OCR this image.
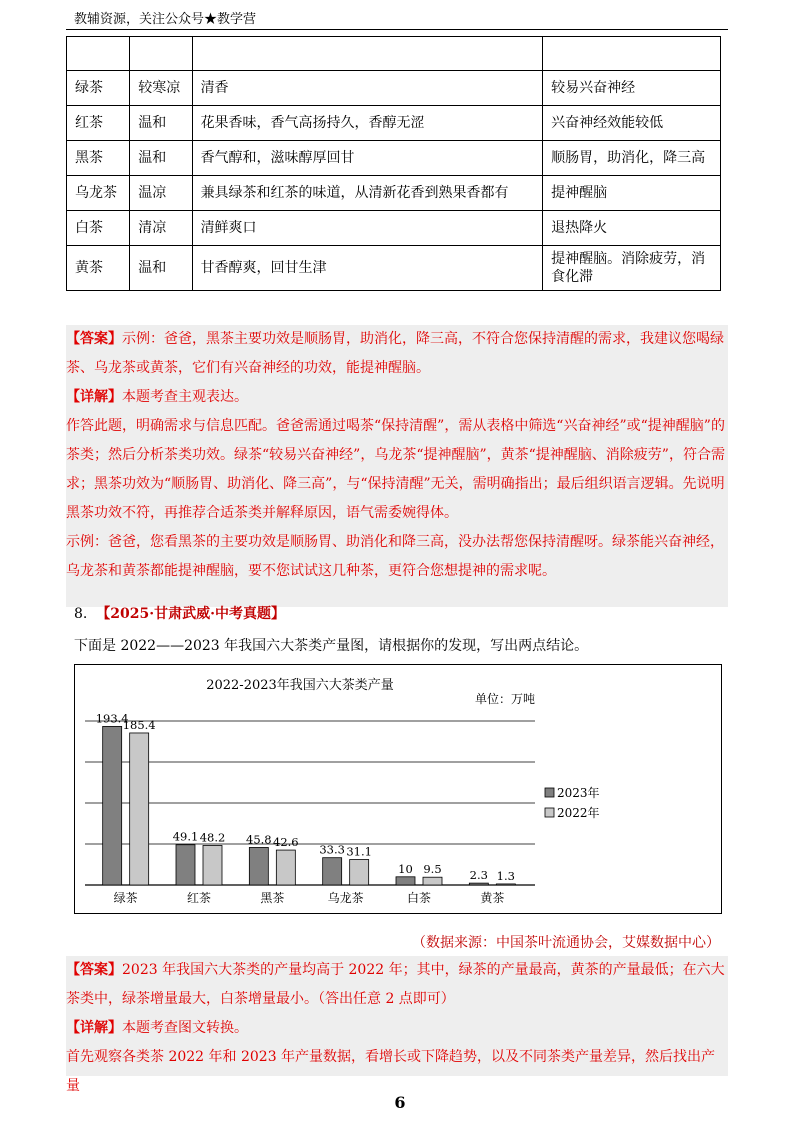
教辅资源，关注公众号★教学营

绿茶	较寒凉	清香	较易兴奋神经
红茶	温和	花果香味，香气高扬持久，香醇无涩	兴奋神经效能较低
黑茶	温和	香气醇和，滋味醇厚回甘	顺肠胃，助消化，降三高
乌龙茶	温凉	兼具绿茶和红茶的味道，从清新花香到熟果香都有	提神醒脑
白茶	清凉	清鲜爽口	退热降火
黄茶	温和	甘香醇爽，回甘生津	提神醒脑。消除疲劳，消食化滞

【答案】示例：爸爸，黑茶主要功效是顺肠胃，助消化，降三高，不符合您保持清醒的需求，我建议您喝绿茶、乌龙茶或黄茶，它们有兴奋神经的功效，能提神醒脑。

【详解】本题考查主观表达。

作答此题，明确需求与信息匹配。爸爸需通过喝茶“保持清醒”，需从表格中筛选“兴奋神经”或“提神醒脑”的茶类；然后分析茶类功效。绿茶“较易兴奋神经”，乌龙茶“提神醒脑”，黄茶“提神醒脑、消除疲劳”，符合需求；黑茶功效为“顺肠胃、助消化、降三高”，与“保持清醒”无关，需明确指出；最后组织语言逻辑。先说明黑茶功效不符，再推荐合适茶类并解释原因，语气需委婉得体。

示例：爸爸，您看黑茶的主要功效是顺肠胃、助消化和降三高，没办法帮您保持清醒呀。绿茶能兴奋神经，乌龙茶和黄茶都能提神醒脑，要不您试试这几种茶，更符合您想提神的需求呢。

8. 【2025·甘肃武威·中考真题】
下面是 2022——2023 年我国六大茶类产量图，请根据你的发现，写出两点结论。
2022-2023年我国六大茶类产量
单位：万吨
193.4
185.4
绿茶
49.1 48.2
红茶
45.8 42.6
黑茶
33.3 31.1
乌龙茶
10 9.5
白茶
2.3 1.3
黄茶
2023年
2022年
（数据来源：中国茶叶流通协会，艾媒数据中心）

【答案】2023 年我国六大茶类的产量均高于 2022 年；其中，绿茶的产量最高，黄茶的产量最低；在六大茶类中，绿茶增量最大，白茶增量最小。（答出任意 2 点即可）

【详解】本题考查图文转换。

首先观察各类茶 2022 年和 2023 年产量数据，看增长或下降趋势，以及不同茶类产量差异，然后找出产量

6
